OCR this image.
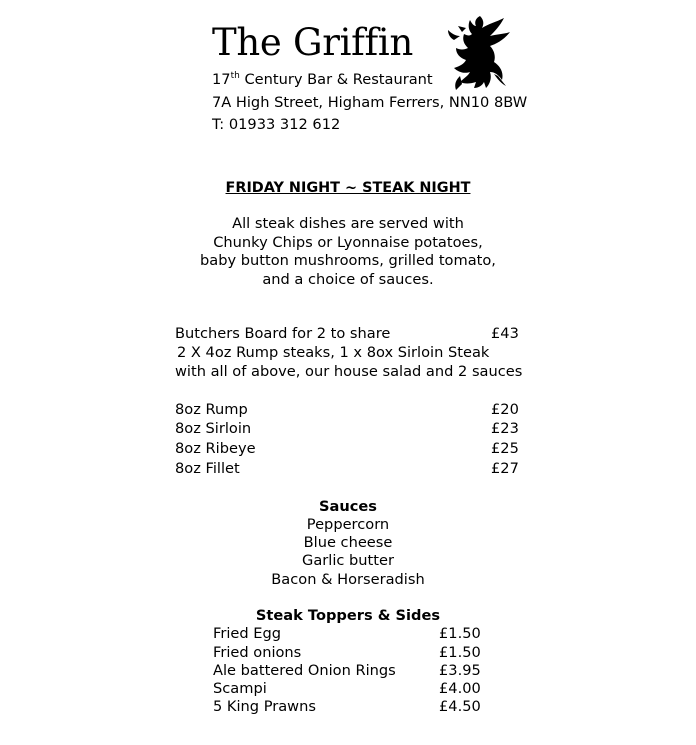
The Griffin
17th Century Bar & Restaurant
7A High Street, Higham Ferrers, NN10 8BW
T: 01933 312 612
FRIDAY NIGHT ~ STEAK NIGHT
All steak dishes are served with
Chunky Chips or Lyonnaise potatoes,
baby button mushrooms, grilled tomato,
and a choice of sauces.
Butchers Board for 2 to share	£43
2 X 4oz Rump steaks, 1 x 8ox Sirloin Steak
with all of above, our house salad and 2 sauces
8oz Rump	£20
8oz Sirloin	£23
8oz Ribeye	£25
8oz Fillet	£27
Sauces
Peppercorn
Blue cheese
Garlic butter
Bacon & Horseradish
Steak Toppers & Sides
Fried Egg	£1.50
Fried onions	£1.50
Ale battered Onion Rings	£3.95
Scampi	£4.00
5 King Prawns	£4.50
